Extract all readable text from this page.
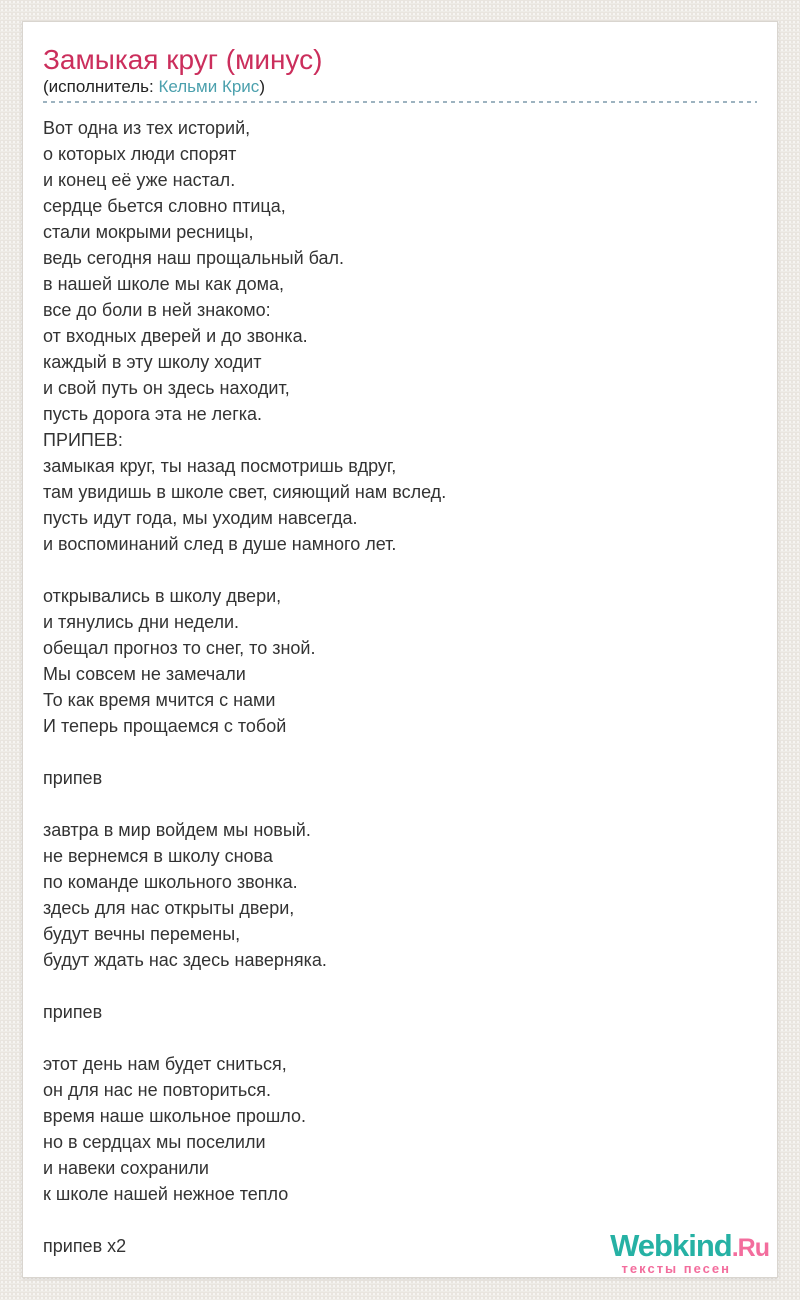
Замыкая круг (минус)
(исполнитель: Кельми Крис)
Вот одна из тех историй,
о которых люди спорят
и конец её уже настал.
сердце бьется словно птица,
стали мокрыми ресницы,
ведь сегодня наш прощальный бал.
в нашей школе мы как дома,
все до боли в ней знакомо:
от входных дверей и до звонка.
каждый в эту школу ходит
и свой путь он здесь находит,
пусть дорога эта не легка.
ПРИПЕВ:
замыкая круг, ты назад посмотришь вдруг,
там увидишь в школе свет, сияющий нам вслед.
пусть идут года, мы уходим навсегда.
и воспоминаний след в душе намного лет.

открывались в школу двери,
и тянулись дни недели.
обещал прогноз то снег, то зной.
Мы совсем не замечали
То как время мчится с нами
И теперь прощаемся с тобой

припев

завтра в мир войдем мы новый.
не вернемся в школу снова
по команде школьного звонка.
здесь для нас открыты двери,
будут вечны перемены,
будут ждать нас здесь наверняка.

припев

этот день нам будет сниться,
он для нас не повториться.
время наше школьное прошло.
но в сердцах мы поселили
и навеки сохранили
к школе нашей нежное тепло

припев х2	Webkind.Ru
тексты песен
